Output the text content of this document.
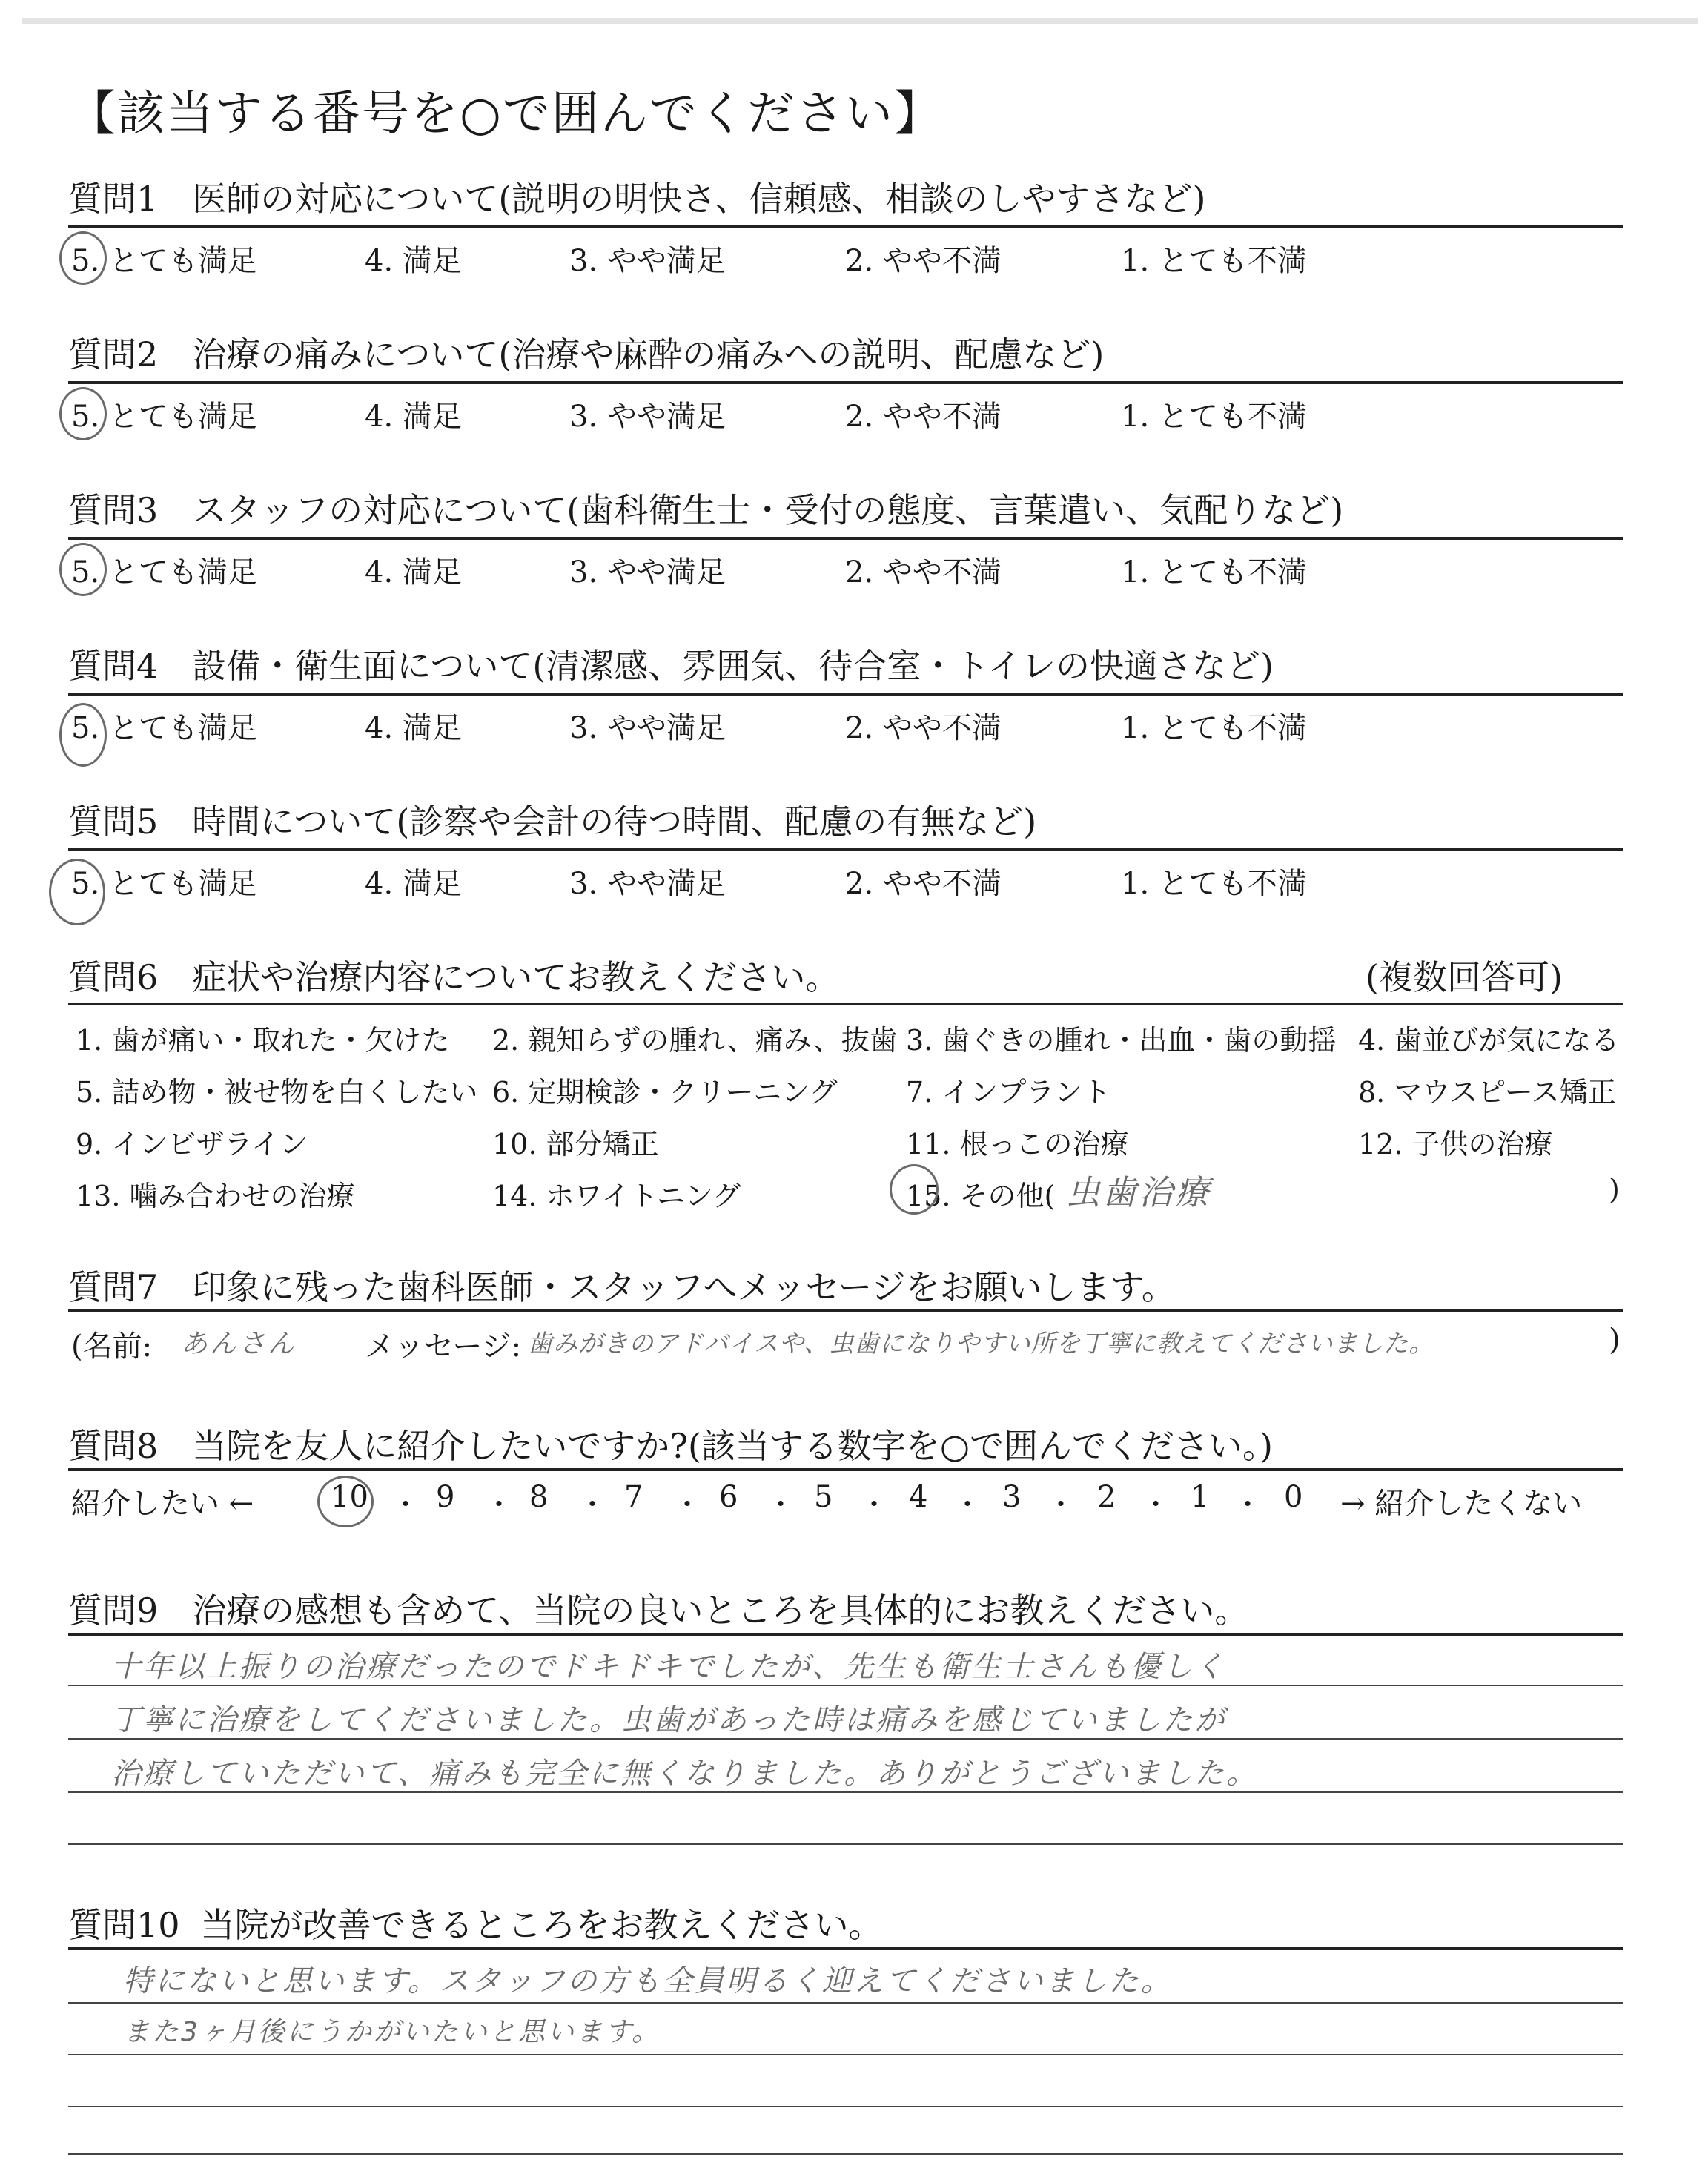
【該当する番号を○で囲んでください】
質問1 医師の対応について(説明の明快さ、信頼感、相談のしやすさなど)
5. とても満足	4. 満足	3. やや満足	2. やや不満	1. とても不満
質問2 治療の痛みについて(治療や麻酔の痛みへの説明、配慮など)
5. とても満足	4. 満足	3. やや満足	2. やや不満	1. とても不満
質問3 スタッフの対応について(歯科衛生士・受付の態度、言葉遣い、気配りなど)
5. とても満足	4. 満足	3. やや満足	2. やや不満	1. とても不満
質問4 設備・衛生面について(清潔感、雰囲気、待合室・トイレの快適さなど)
5. とても満足	4. 満足	3. やや満足	2. やや不満	1. とても不満
質問5 時間について(診察や会計の待つ時間、配慮の有無など)
5. とても満足	4. 満足	3. やや満足	2. やや不満	1. とても不満
質問6 症状や治療内容についてお教えください。	(複数回答可)
1. 歯が痛い・取れた・欠けた 2. 親知らずの腫れ、痛み、抜歯 3. 歯ぐきの腫れ・出血・歯の動揺 4. 歯並びが気になる
5. 詰め物・被せ物を白くしたい 6. 定期検診・クリーニング 7. インプラント	8. マウスピース矯正
9. インビザライン	10. 部分矯正	11. 根っこの治療	12. 子供の治療
13. 噛み合わせの治療	14. ホワイトニング	15. その他( 虫歯治療	)
質問7 印象に残った歯科医師・スタッフへメッセージをお願いします。
(名前: あんさん メッセージ: 歯みがきのアドバイスや、虫歯になりやすい所を丁寧に教えてくださいました。	)
質問8 当院を友人に紹介したいですか?(該当する数字を○で囲んでください。)
紹介したい ←	→ 紹介したくない
10 ・ 9 ・ 8 ・ 7 ・ 6 ・ 5 ・ 4 ・ 3 ・ 2 ・ 1 ・ 0
質問9 治療の感想も含めて、当院の良いところを具体的にお教えください。
十年以上振りの治療だったのでドキドキでしたが、先生も衛生士さんも優しく
丁寧に治療をしてくださいました。虫歯があった時は痛みを感じていましたが
治療していただいて、痛みも完全に無くなりました。ありがとうございました。
質問10 当院が改善できるところをお教えください。
特にないと思います。スタッフの方も全員明るく迎えてくださいました。
また3ヶ月後にうかがいたいと思います。
